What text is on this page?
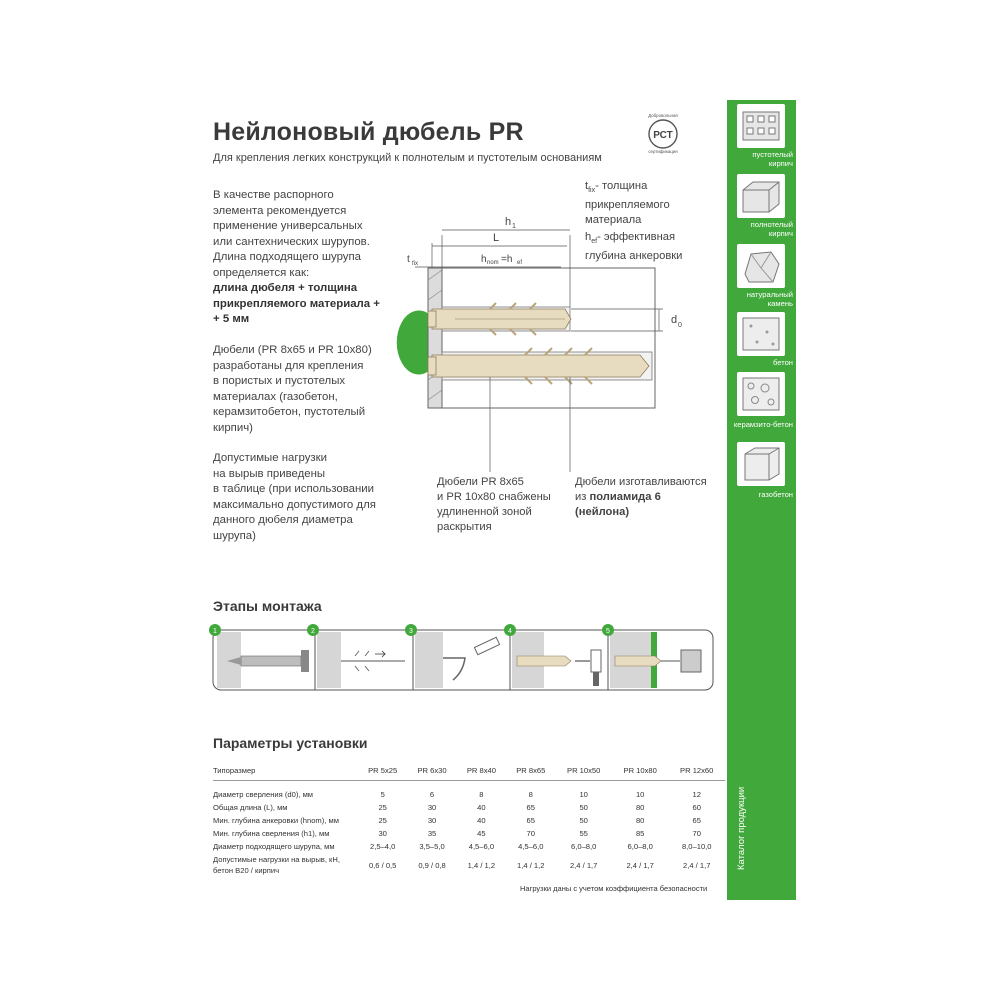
Нейлоновый дюбель PR
Для крепления легких конструкций к полнотелым и пустотелым основаниям
РСТ
Добровольная
сертификация
В качестве распорного
элемента рекомендуется
применение универсальных
или сантехнических шурупов.
Длина подходящего шурупа
определяется как:
длина дюбеля + толщина
прикрепляемого материала +
+ 5 мм
Дюбели (PR 8х65 и PR 10х80)
разработаны для крепления
в пористых и пустотелых
материалах (газобетон,
керамзитобетон, пустотелый
кирпич)
Допустимые нагрузки
на вырыв приведены
в таблице (при использовании
максимально допустимого для
данного дюбеля диаметра
шурупа)
$t_{fix}-$ толщина
прикрепляемого
материала
$h_{ef}-$ эффективная
глубина анкеровки
d 0
h 1
L
h nom =h ef
t fix
Дюбели PR 8х65
и PR 10х80 снабжены
удлиненной зоной
раскрытия
Дюбели изготавливаются
из полиамида 6
(нейлона)
Этапы монтажа
1	2	3	4	5
Параметры установки
Типоразмер	PR 5х25	PR 6х30	PR 8х40	PR 8х65	PR 10х50	PR 10х80	PR 12х60
Диаметр сверления (d0), мм	5	6	8	8	10	10	12
Общая длина (L), мм	25	30	40	65	50	80	60
Мин. глубина анкеровки (hnom), мм	25	30	40	65	50	80	65
Мин. глубина сверления (h1), мм	30	35	45	70	55	85	70
Диаметр подходящего шурупа, мм	2,5–4,0	3,5–5,0	4,5–6,0	4,5–6,0	6,0–8,0	6,0–8,0	8,0–10,0
Допустимые нагрузки на вырыв, кН, бетон В20 / кирпич	0,6 / 0,5	0,9 / 0,8	1,4 / 1,2	1,4 / 1,2	2,4 / 1,7	2,4 / 1,7	2,4 / 1,7
Нагрузки даны с учетом коэффициента безопасности
пустотелый кирпич
полнотелый кирпич
натуральный камень
бетон
керамзито-бетон
газобетон
Каталог продукции
